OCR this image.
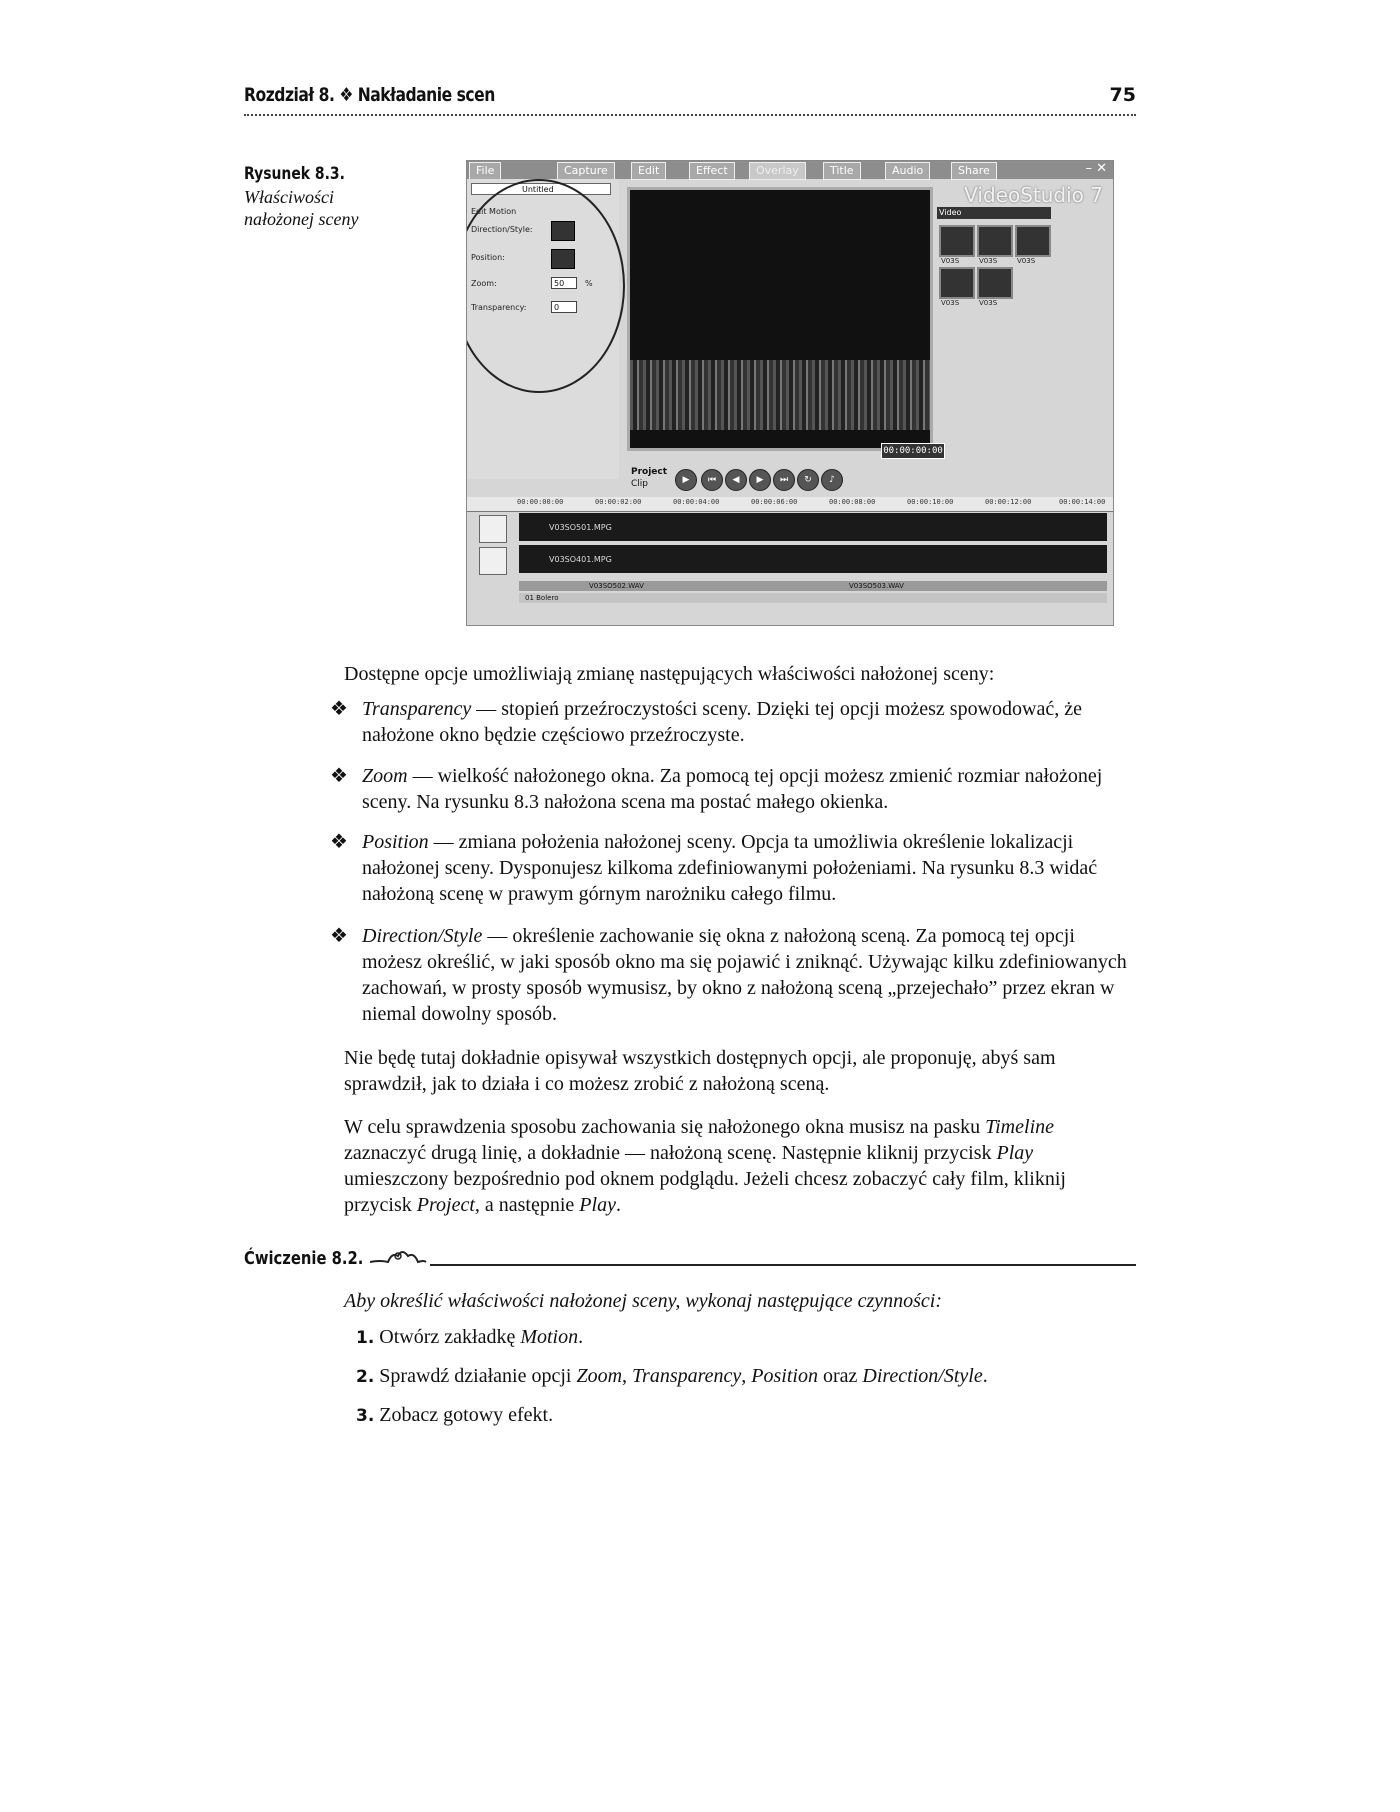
Rozdział 8. ❖ Nakładanie scen	75
Rysunek 8.3.
Właściwości nałożonej sceny
File	Capture	Edit	Effect	Overlay	Title	Audio	Share	– ✕
VideoStudio 7
Untitled
Edit Motion
Direction/Style:
Position:
Zoom:	50	%
Transparency:	0
00:00:00:00
Project
Clip	▶	⏮	◀	▶	⏭	↻	♪
Video
V03S	V03S	V03S
V03S	V03S
00:00:00:00	00:00:02:00	00:00:04:00	00:00:06:00	00:00:08:00	00:00:10:00	00:00:12:00	00:00:14:00
V03SO501.MPG
V03SO401.MPG
V03SO502.WAV	V03SO503.WAV
01 Bolero
Dostępne opcje umożliwiają zmianę następujących właściwości nałożonej sceny:
❖ Transparency — stopień przeźroczystości sceny. Dzięki tej opcji możesz spowodować, że nałożone okno będzie częściowo przeźroczyste.
❖ Zoom — wielkość nałożonego okna. Za pomocą tej opcji możesz zmienić rozmiar nałożonej sceny. Na rysunku 8.3 nałożona scena ma postać małego okienka.
❖ Position — zmiana położenia nałożonej sceny. Opcja ta umożliwia określenie lokalizacji nałożonej sceny. Dysponujesz kilkoma zdefiniowanymi położeniami. Na rysunku 8.3 widać nałożoną scenę w prawym górnym narożniku całego filmu.
❖ Direction/Style — określenie zachowanie się okna z nałożoną sceną. Za pomocą tej opcji możesz określić, w jaki sposób okno ma się pojawić i zniknąć. Używając kilku zdefiniowanych zachowań, w prosty sposób wymusisz, by okno z nałożoną sceną „przejechało” przez ekran w niemal dowolny sposób.
Nie będę tutaj dokładnie opisywał wszystkich dostępnych opcji, ale proponuję, abyś sam sprawdził, jak to działa i co możesz zrobić z nałożoną sceną.
W celu sprawdzenia sposobu zachowania się nałożonego okna musisz na pasku Timeline zaznaczyć drugą linię, a dokładnie — nałożoną scenę. Następnie kliknij przycisk Play umieszczony bezpośrednio pod oknem podglądu. Jeżeli chcesz zobaczyć cały film, kliknij przycisk Project, a następnie Play.
Ćwiczenie 8.2.
Aby określić właściwości nałożonej sceny, wykonaj następujące czynności:
1. Otwórz zakładkę Motion.
2. Sprawdź działanie opcji Zoom, Transparency, Position oraz Direction/Style.
3. Zobacz gotowy efekt.
